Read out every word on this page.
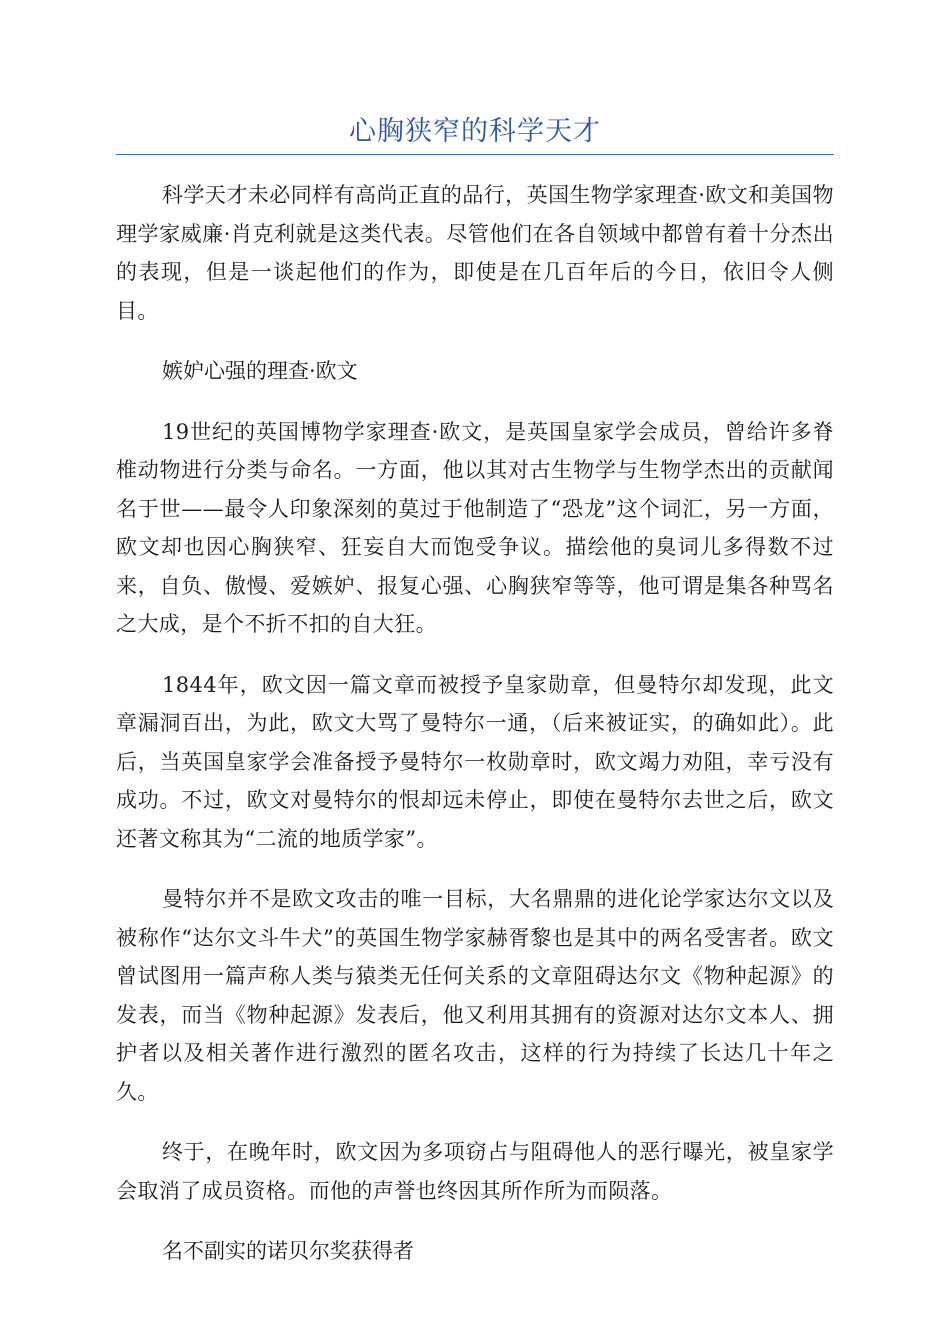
心胸狭窄的科学天才

科学天才未必同样有高尚正直的品行，英国生物学家理查·欧文和美国物理学家威廉·肖克利就是这类代表。尽管他们在各自领域中都曾有着十分杰出的表现，但是一谈起他们的作为，即使是在几百年后的今日，依旧令人侧目。

嫉妒心强的理查·欧文

19世纪的英国博物学家理查·欧文，是英国皇家学会成员，曾给许多脊椎动物进行分类与命名。一方面，他以其对古生物学与生物学杰出的贡献闻名于世——最令人印象深刻的莫过于他制造了“恐龙”这个词汇，另一方面，欧文却也因心胸狭窄、狂妄自大而饱受争议。描绘他的臭词儿多得数不过来，自负、傲慢、爱嫉妒、报复心强、心胸狭窄等等，他可谓是集各种骂名之大成，是个不折不扣的自大狂。

1844年，欧文因一篇文章而被授予皇家勋章，但曼特尔却发现，此文章漏洞百出，为此，欧文大骂了曼特尔一通，（后来被证实，的确如此）。此后，当英国皇家学会准备授予曼特尔一枚勋章时，欧文竭力劝阻，幸亏没有成功。不过，欧文对曼特尔的恨却远未停止，即使在曼特尔去世之后，欧文还著文称其为“二流的地质学家”。

曼特尔并不是欧文攻击的唯一目标，大名鼎鼎的进化论学家达尔文以及被称作“达尔文斗牛犬”的英国生物学家赫胥黎也是其中的两名受害者。欧文曾试图用一篇声称人类与猿类无任何关系的文章阻碍达尔文《物种起源》的发表，而当《物种起源》发表后，他又利用其拥有的资源对达尔文本人、拥护者以及相关著作进行激烈的匿名攻击，这样的行为持续了长达几十年之久。

终于，在晚年时，欧文因为多项窃占与阻碍他人的恶行曝光，被皇家学会取消了成员资格。而他的声誉也终因其所作所为而陨落。

名不副实的诺贝尔奖获得者
